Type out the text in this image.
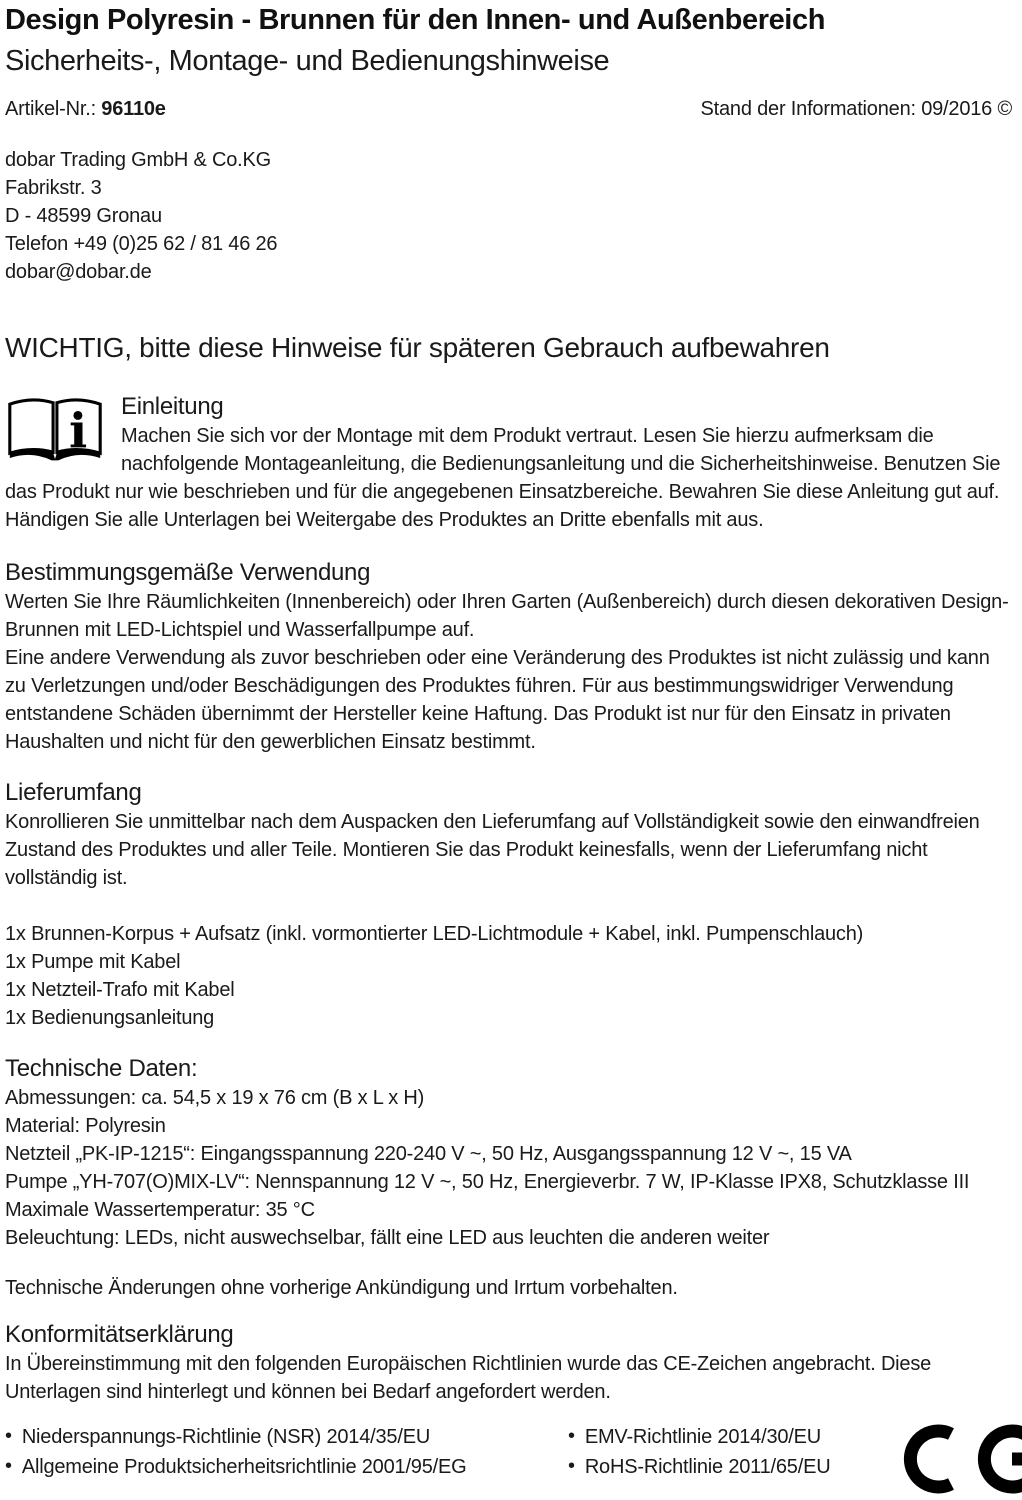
Design Polyresin - Brunnen für den Innen- und Außenbereich
Sicherheits-, Montage- und Bedienungshinweise
Artikel-Nr.: 96110e	Stand der Informationen: 09/2016 ©
dobar Trading GmbH & Co.KG
Fabrikstr. 3
D - 48599 Gronau
Telefon +49 (0)25 62 / 81 46 26
dobar@dobar.de
WICHTIG, bitte diese Hinweise für späteren Gebrauch aufbewahren
i	Einleitung

Machen Sie sich vor der Montage mit dem Produkt vertraut. Lesen Sie hierzu aufmerksam die nachfolgende Montageanleitung, die Bedienungsanleitung und die Sicherheitshinweise. Benutzen Sie das Produkt nur wie beschrieben und für die angegebenen Einsatzbereiche. Bewahren Sie diese Anleitung gut auf. Händigen Sie alle Unterlagen bei Weitergabe des Produktes an Dritte ebenfalls mit aus.

Bestimmungsgemäße Verwendung

Werten Sie Ihre Räumlichkeiten (Innenbereich) oder Ihren Garten (Außenbereich) durch diesen dekorativen Design-Brunnen mit LED-Lichtspiel und Wasserfallpumpe auf.

Eine andere Verwendung als zuvor beschrieben oder eine Veränderung des Produktes ist nicht zulässig und kann zu Verletzungen und/oder Beschädigungen des Produktes führen. Für aus bestimmungswidriger Verwendung entstandene Schäden übernimmt der Hersteller keine Haftung. Das Produkt ist nur für den Einsatz in privaten Haushalten und nicht für den gewerblichen Einsatz bestimmt.

Lieferumfang

Konrollieren Sie unmittelbar nach dem Auspacken den Lieferumfang auf Vollständigkeit sowie den einwandfreien Zustand des Produktes und aller Teile. Montieren Sie das Produkt keinesfalls, wenn der Lieferumfang nicht vollständig ist.

1x Brunnen-Korpus + Aufsatz (inkl. vormontierter LED-Lichtmodule + Kabel, inkl. Pumpenschlauch)
1x Pumpe mit Kabel
1x Netzteil-Trafo mit Kabel
1x Bedienungsanleitung
Technische Daten:
Abmessungen: ca. 54,5 x 19 x 76 cm (B x L x H)
Material: Polyresin
Netzteil „PK-IP-1215“: Eingangsspannung 220-240 V ~, 50 Hz, Ausgangsspannung 12 V ~, 15 VA
Pumpe „YH-707(O)MIX-LV“: Nennspannung 12 V ~, 50 Hz, Energieverbr. 7 W, IP-Klasse IPX8, Schutzklasse III
Maximale Wassertemperatur: 35 °C
Beleuchtung: LEDs, nicht auswechselbar, fällt eine LED aus leuchten die anderen weiter

Technische Änderungen ohne vorherige Ankündigung und Irrtum vorbehalten.

Konformitätserklärung

In Übereinstimmung mit den folgenden Europäischen Richtlinien wurde das CE-Zeichen angebracht. Diese Unterlagen sind hinterlegt und können bei Bedarf angefordert werden.

• Niederspannungs-Richtlinie (NSR) 2014/35/EU
• Allgemeine Produktsicherheitsrichtlinie 2001/95/EG
• EMV-Richtlinie 2014/30/EU
• RoHS-Richtlinie 2011/65/EU
